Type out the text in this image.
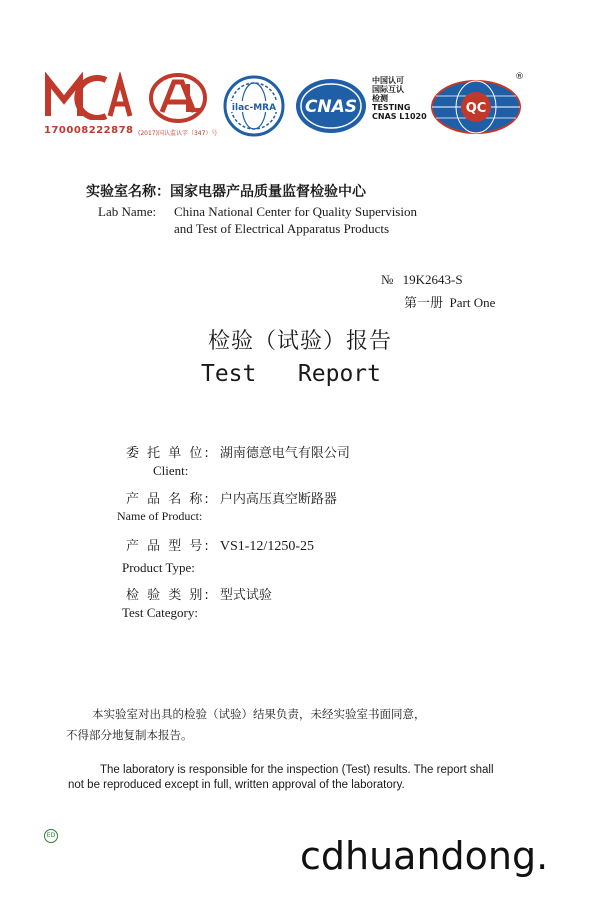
170008222878 (2017)国认监认字（347）号
ilac-MRA CNAS
中国认可
国际互认
检测
TESTING
CNAS L1020
QC
®
实验室名称：国家电器产品质量监督检验中心
Lab Name: China National Center for Quality Supervision
and Test of Electrical Apparatus Products
№ 19K2643-S
第一册  Part One
检验（试验）报告
Test   Report
委 托 单 位: 湖南德意电气有限公司
Client:
产 品 名 称: 户内高压真空断路器
Name of Product:
产 品 型 号: VS1-12/1250-25
Product Type:
检 验 类 别: 型式试验
Test Category:
本实验室对出具的检验（试验）结果负责，未经实验室书面同意，
不得部分地复制本报告。
The laboratory is responsible for the inspection (Test) results. The report shall
not be reproduced except in full, written approval of the laboratory.
ED	cdhuandong.
